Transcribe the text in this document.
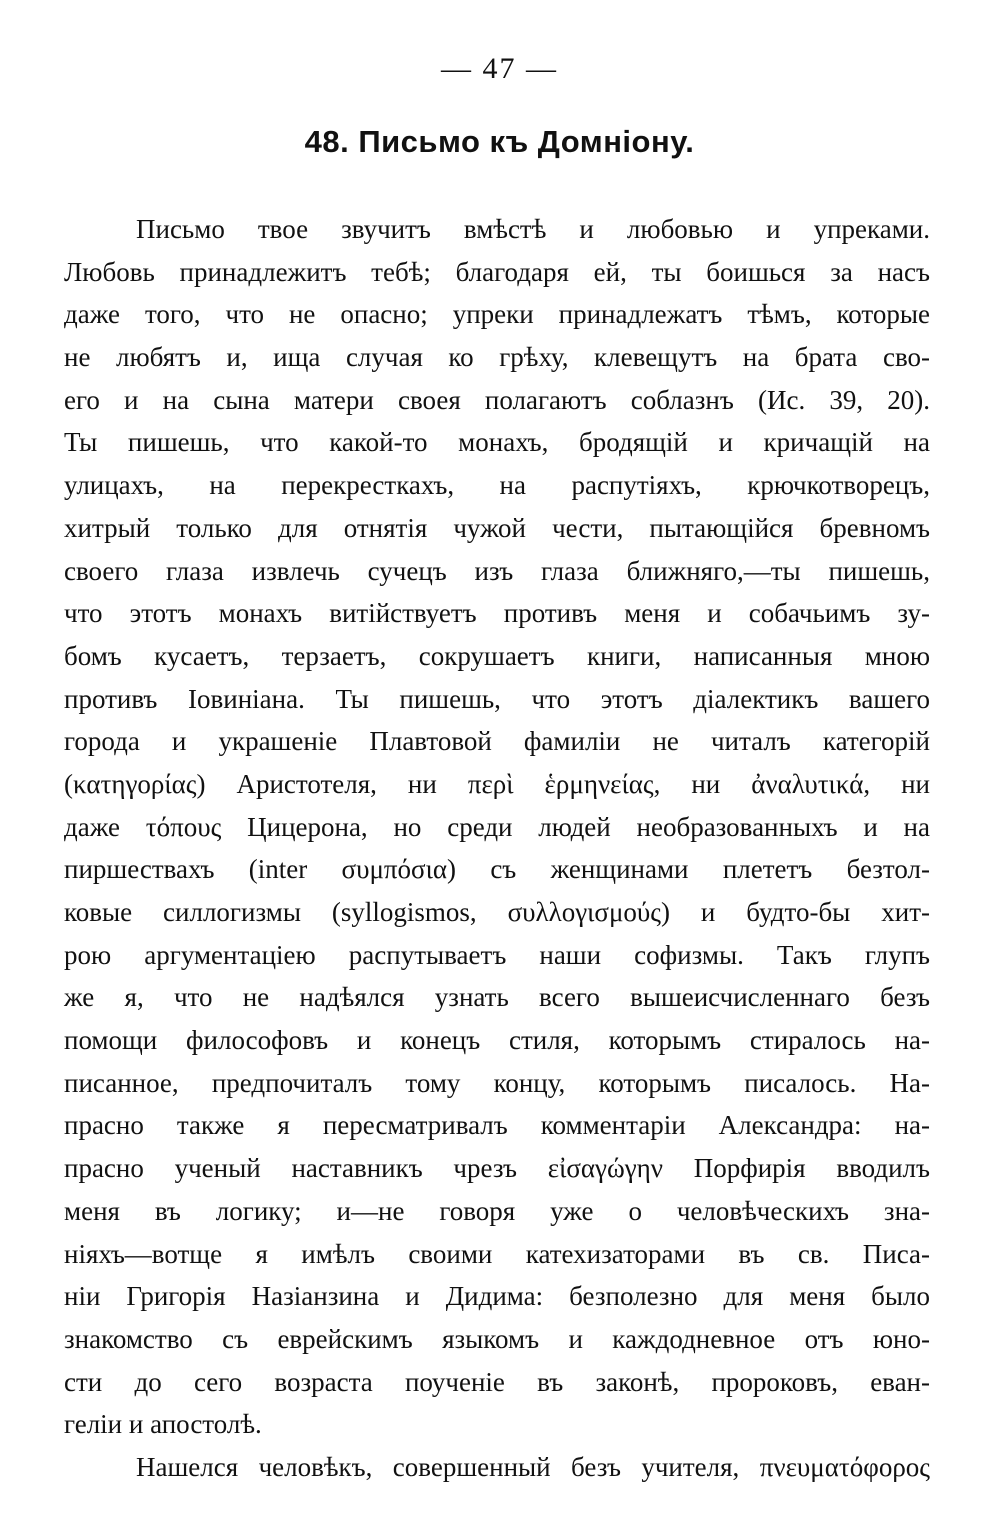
— 47 —
48. Письмо къ Домніону.
Письмо твое звучитъ вмѣстѣ и любовью и упреками.
Любовь принадлежитъ тебѣ; благодаря ей, ты боишься за насъ
даже того, что не опасно; упреки принадлежатъ тѣмъ, которые
не любятъ и, ища случая ко грѣху, клевещутъ на брата сво-
его и на сына матери своея полагаютъ соблазнъ (Ис. 39, 20).
Ты пишешь, что какой-то монахъ, бродящій и кричащій на
улицахъ, на перекресткахъ, на распутіяхъ, крючкотворецъ,
хитрый только для отнятія чужой чести, пытающійся бревномъ
своего глаза извлечь сучецъ изъ глаза ближняго,—ты пишешь,
что этотъ монахъ витійствуетъ противъ меня и собачьимъ зу-
бомъ кусаетъ, терзаетъ, сокрушаетъ книги, написанныя мною
противъ Іовиніана. Ты пишешь, что этотъ діалектикъ вашего
города и украшеніе Плавтовой фамиліи не читалъ категорій
(κατηγορίας) Аристотеля, ни περὶ ἑρμηνείας, ни ἀναλυτικά, ни
даже τόπους Цицерона, но среди людей необразованныхъ и на
пиршествахъ (inter συμπόσια) съ женщинами плететъ безтол-
ковые силлогизмы (syllogismos, συλλογισμούς) и будто-бы хит-
рою аргументаціею распутываетъ наши софизмы. Такъ глупъ
же я, что не надѣялся узнать всего вышеисчисленнаго безъ
помощи философовъ и конецъ стиля, которымъ стиралось на-
писанное, предпочиталъ тому концу, которымъ писалось. На-
прасно также я пересматривалъ комментаріи Александра: на-
прасно ученый наставникъ чрезъ εἰσαγώγην Порфирія вводилъ
меня въ логику; и—не говоря уже о человѣческихъ зна-
ніяхъ—вотще я имѣлъ своими катехизаторами въ св. Писа-
ніи Григорія Назіанзина и Дидима: безполезно для меня было
знакомство съ еврейскимъ языкомъ и каждодневное отъ юно-
сти до сего возраста поученіе въ законѣ, пророковъ, еван-
геліи и апостолѣ.
Нашелся человѣкъ, совершенный безъ учителя, πνευματόφορος
